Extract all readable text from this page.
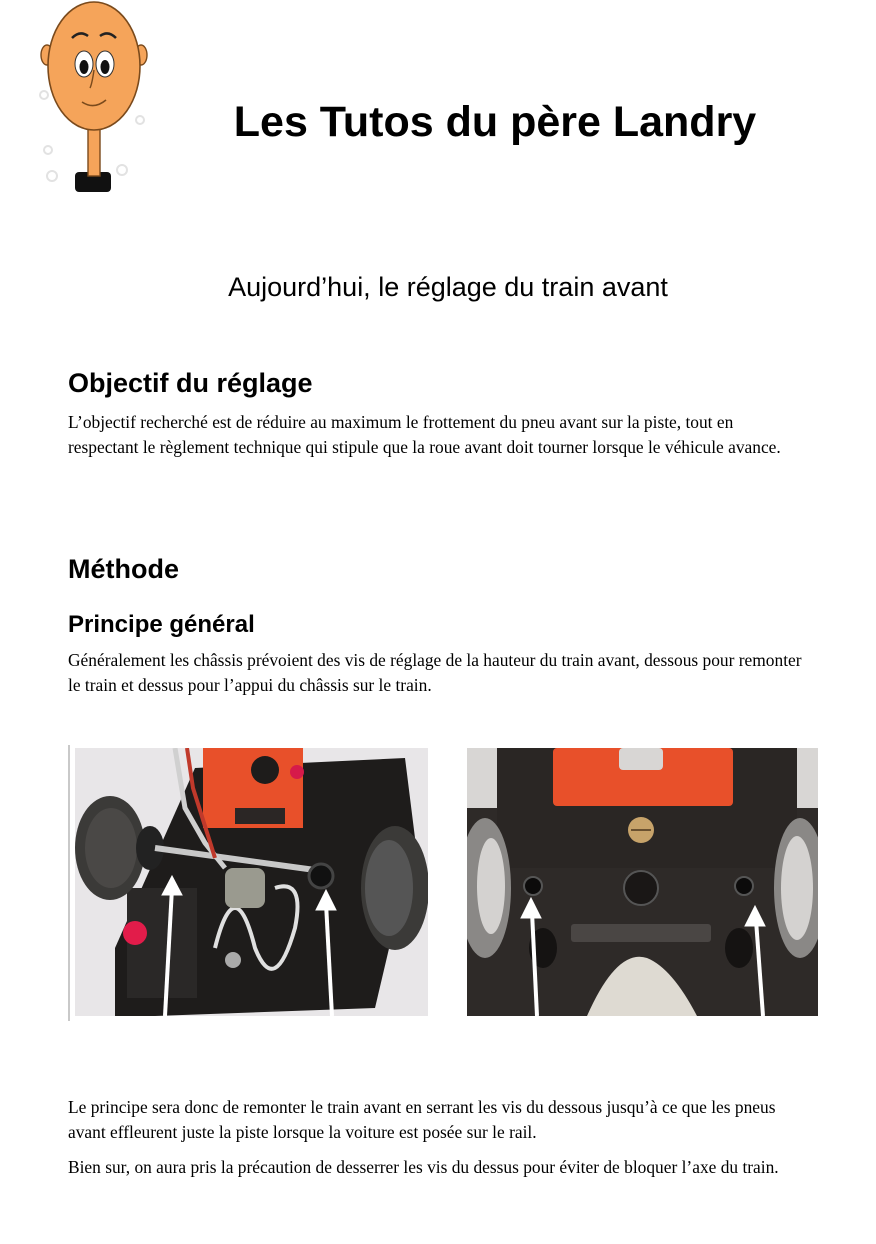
Les Tutos du père Landry
Aujourd’hui, le réglage du train avant
Objectif du réglage

L’objectif recherché est de réduire au maximum le frottement du pneu avant sur la piste, tout en respectant le règlement technique qui stipule que la roue avant doit tourner lorsque le véhicule avance.

Méthode
Principe général

Généralement les châssis prévoient des vis de réglage de la hauteur du train avant, dessous pour remonter le train et dessus pour l’appui du châssis sur le train.

Le principe sera donc de remonter le train avant en serrant les vis du dessous jusqu’à ce que les pneus avant effleurent juste la piste lorsque la voiture est posée sur le rail.

Bien sur, on aura pris la précaution de desserrer les vis du dessus pour éviter de bloquer l’axe du train.
